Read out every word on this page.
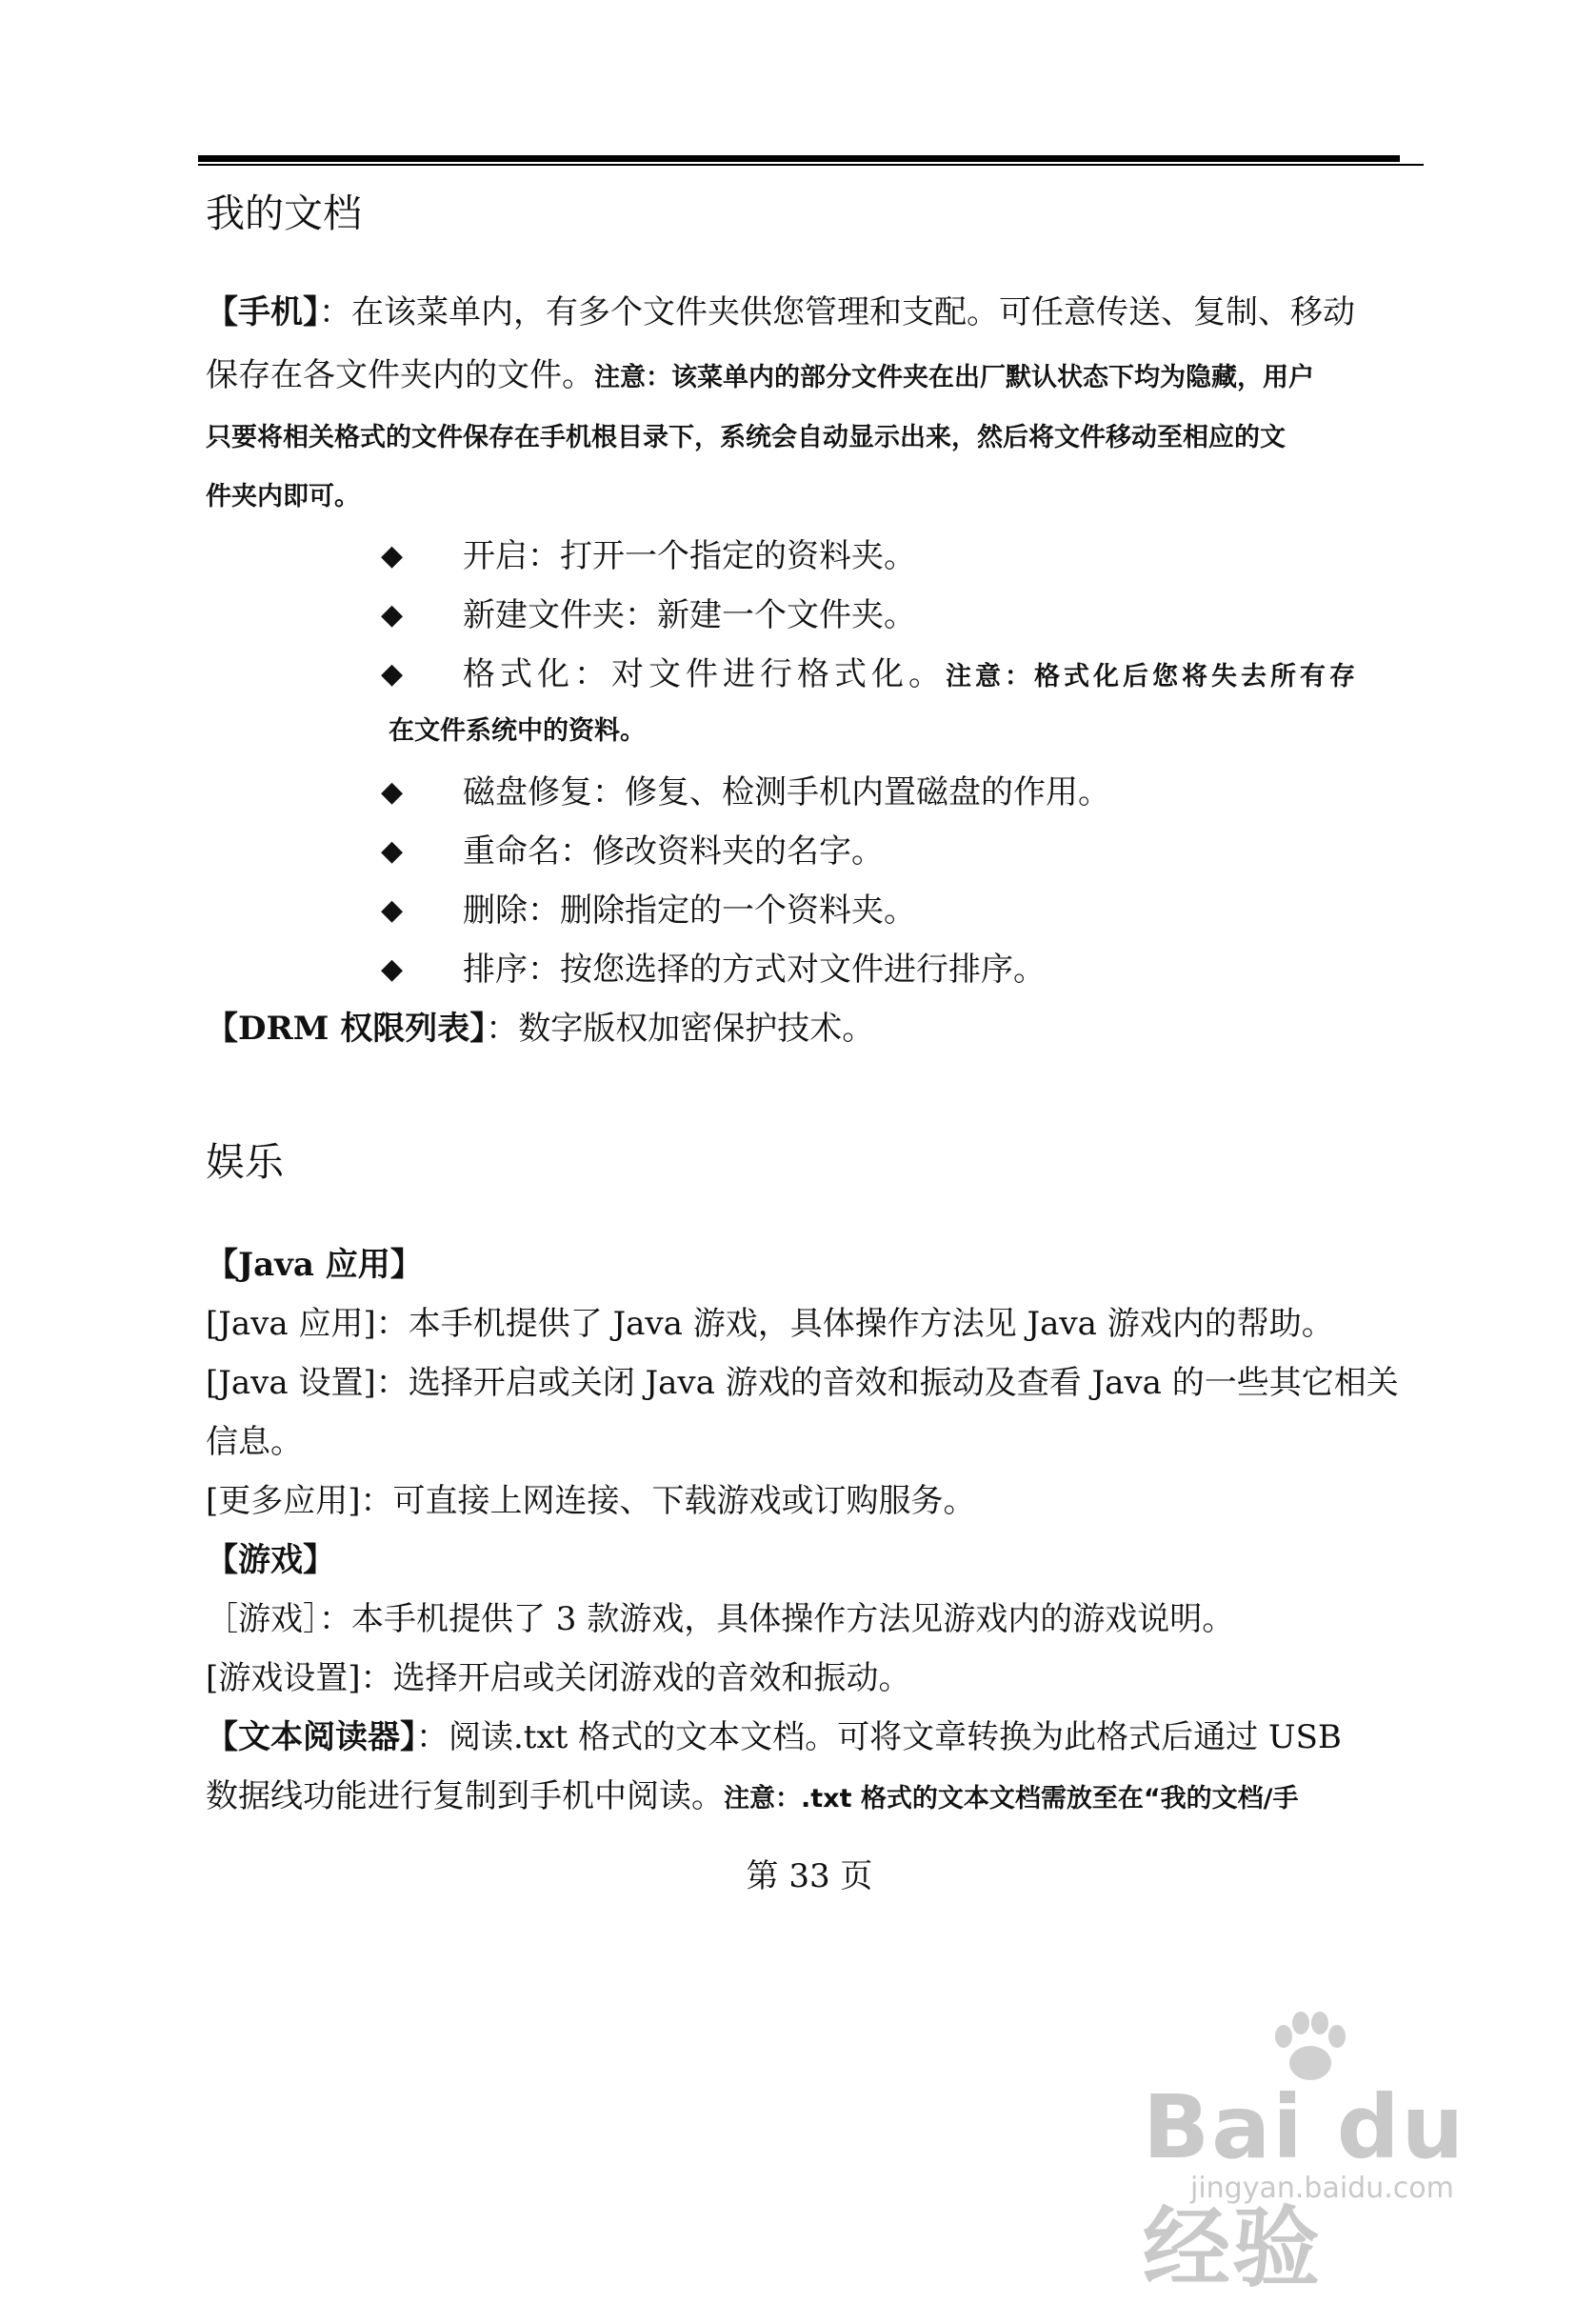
我的文档
【手机】：在该菜单内，有多个文件夹供您管理和支配。可任意传送、复制、移动
保存在各文件夹内的文件。注意：该菜单内的部分文件夹在出厂默认状态下均为隐藏，用户
只要将相关格式的文件保存在手机根目录下，系统会自动显示出来，然后将文件移动至相应的文
件夹内即可。
◆ 开启：打开一个指定的资料夹。
◆ 新建文件夹：新建一个文件夹。
◆ 格式化：对文件进行格式化。注意：格式化后您将失去所有存
在文件系统中的资料。
◆ 磁盘修复：修复、检测手机内置磁盘的作用。
◆ 重命名：修改资料夹的名字。
◆ 删除：删除指定的一个资料夹。
◆ 排序：按您选择的方式对文件进行排序。
【DRM 权限列表】：数字版权加密保护技术。
娱乐
【Java 应用】
[Java 应用]：本手机提供了 Java 游戏，具体操作方法见 Java 游戏内的帮助。
[Java 设置]：选择开启或关闭 Java 游戏的音效和振动及查看 Java 的一些其它相关
信息。
[更多应用]：可直接上网连接、下载游戏或订购服务。
【游戏】
［游戏］：本手机提供了 3 款游戏，具体操作方法见游戏内的游戏说明。
[游戏设置]：选择开启或关闭游戏的音效和振动。
【文本阅读器】：阅读.txt 格式的文本文档。可将文章转换为此格式后通过 USB
数据线功能进行复制到手机中阅读。注意：.txt 格式的文本文档需放至在“我的文档/手
第 33 页
Bai du 经验
jingyan.baidu.com
